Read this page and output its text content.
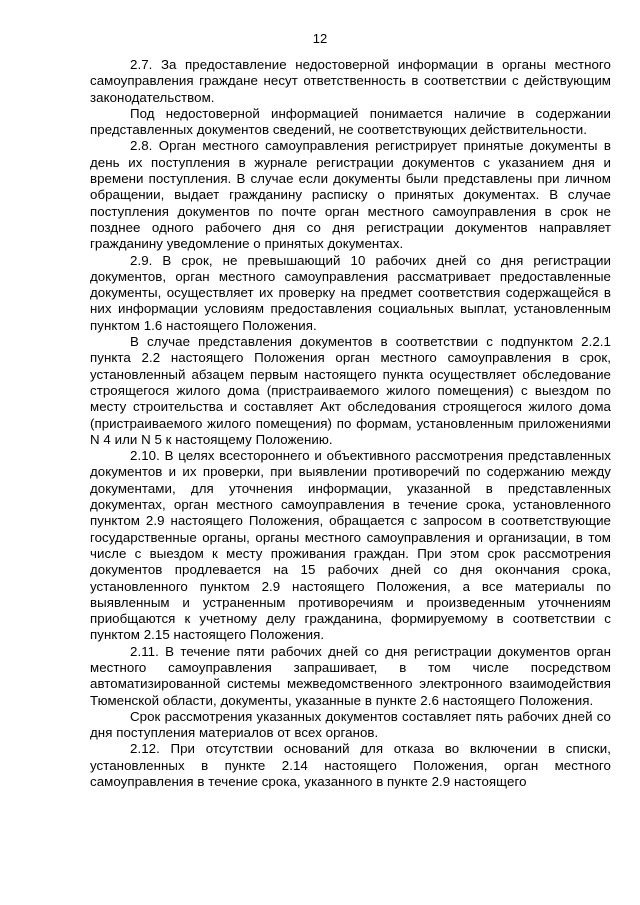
12

2.7. За предоставление недостоверной информации в органы местного самоуправления граждане несут ответственность в соответствии с действующим законодательством.

Под недостоверной информацией понимается наличие в содержании представленных документов сведений, не соответствующих действительности.

2.8. Орган местного самоуправления регистрирует принятые документы в день их поступления в журнале регистрации документов с указанием дня и времени поступления. В случае если документы были представлены при личном обращении, выдает гражданину расписку о принятых документах. В случае поступления документов по почте орган местного самоуправления в срок не позднее одного рабочего дня со дня регистрации документов направляет гражданину уведомление о принятых документах.

2.9. В срок, не превышающий 10 рабочих дней со дня регистрации документов, орган местного самоуправления рассматривает предоставленные документы, осуществляет их проверку на предмет соответствия содержащейся в них информации условиям предоставления социальных выплат, установленным пунктом 1.6 настоящего Положения.

В случае представления документов в соответствии с подпунктом 2.2.1 пункта 2.2 настоящего Положения орган местного самоуправления в срок, установленный абзацем первым настоящего пункта осуществляет обследование строящегося жилого дома (пристраиваемого жилого помещения) с выездом по месту строительства и составляет Акт обследования строящегося жилого дома (пристраиваемого жилого помещения) по формам, установленным приложениями N 4 или N 5 к настоящему Положению.

2.10. В целях всестороннего и объективного рассмотрения представленных документов и их проверки, при выявлении противоречий по содержанию между документами, для уточнения информации, указанной в представленных документах, орган местного самоуправления в течение срока, установленного пунктом 2.9 настоящего Положения, обращается с запросом в соответствующие государственные органы, органы местного самоуправления и организации, в том числе с выездом к месту проживания граждан. При этом срок рассмотрения документов продлевается на 15 рабочих дней со дня окончания срока, установленного пунктом 2.9 настоящего Положения, а все материалы по выявленным и устраненным противоречиям и произведенным уточнениям приобщаются к учетному делу гражданина, формируемому в соответствии с пунктом 2.15 настоящего Положения.

2.11. В течение пяти рабочих дней со дня регистрации документов орган местного самоуправления запрашивает, в том числе посредством автоматизированной системы межведомственного электронного взаимодействия Тюменской области, документы, указанные в пункте 2.6 настоящего Положения.

Срок рассмотрения указанных документов составляет пять рабочих дней со дня поступления материалов от всех органов.

2.12. При отсутствии оснований для отказа во включении в списки, установленных в пункте 2.14 настоящего Положения, орган местного самоуправления в течение срока, указанного в пункте 2.9 настоящего
